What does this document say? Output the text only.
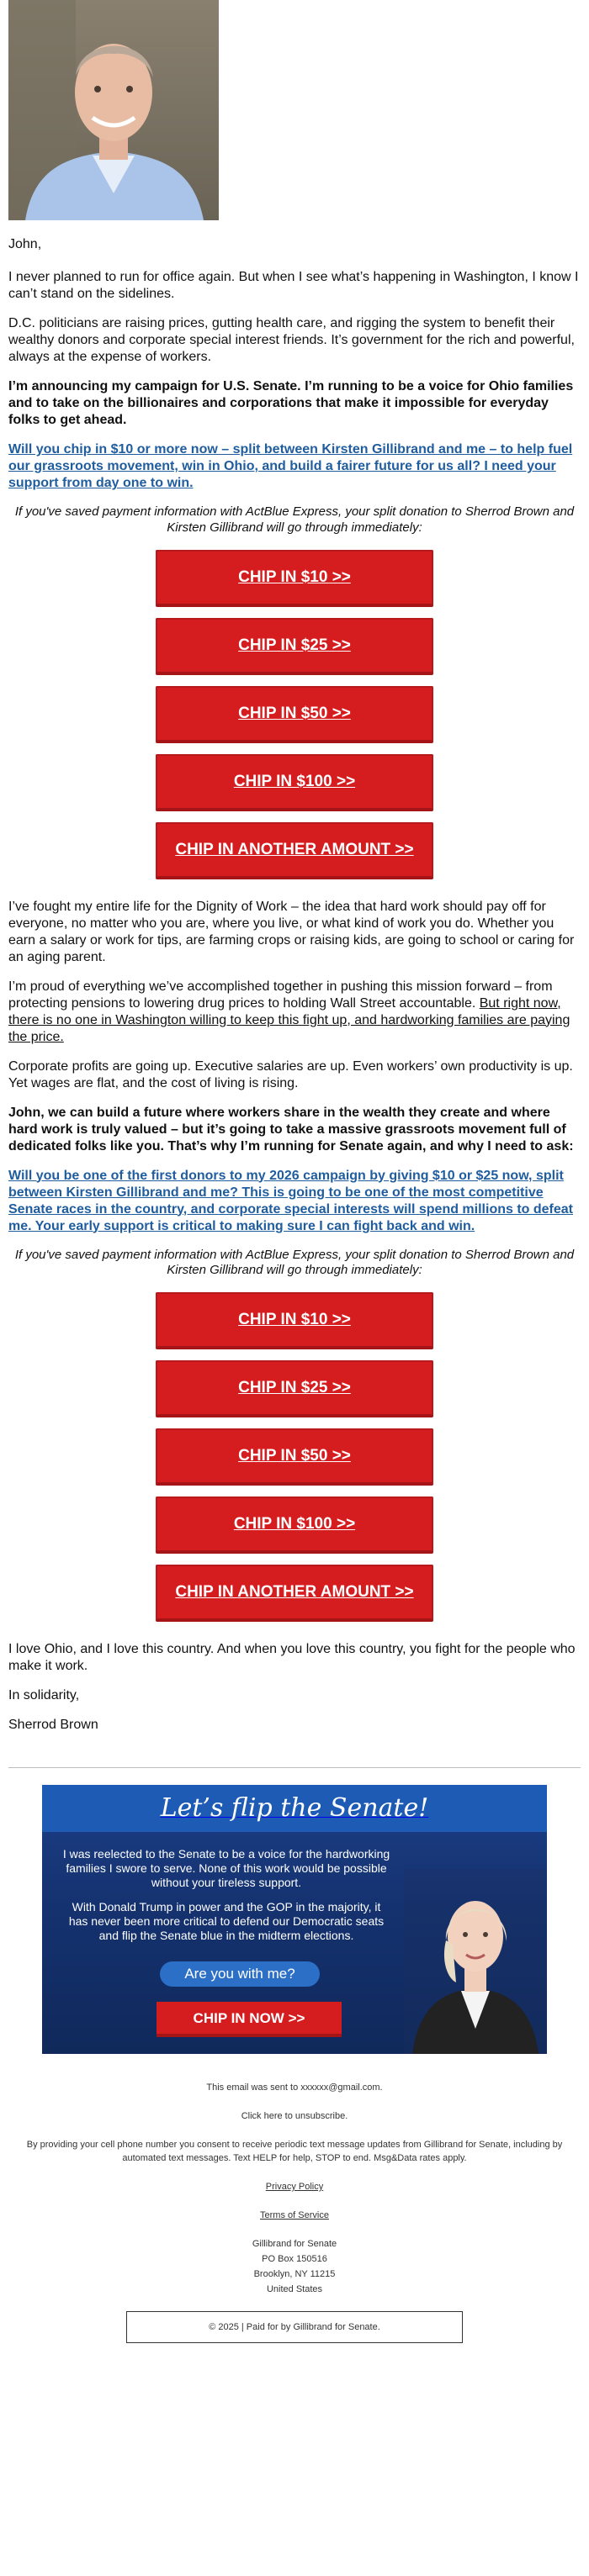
John,

I never planned to run for office again. But when I see what’s happening in Washington, I know I can’t stand on the sidelines.

D.C. politicians are raising prices, gutting health care, and rigging the system to benefit their wealthy donors and corporate special interest friends. It’s government for the rich and powerful, always at the expense of workers.

I’m announcing my campaign for U.S. Senate. I’m running to be a voice for Ohio families and to take on the billionaires and corporations that make it impossible for everyday folks to get ahead.

Will you chip in $10 or more now – split between Kirsten Gillibrand and me – to help fuel our grassroots movement, win in Ohio, and build a fairer future for us all? I need your support from day one to win.

If you've saved payment information with ActBlue Express, your split donation to Sherrod Brown and Kirsten Gillibrand will go through immediately:

CHIP IN $10 >>
CHIP IN $25 >>
CHIP IN $50 >>
CHIP IN $100 >>
CHIP IN ANOTHER AMOUNT >>

I’ve fought my entire life for the Dignity of Work – the idea that hard work should pay off for everyone, no matter who you are, where you live, or what kind of work you do. Whether you earn a salary or work for tips, are farming crops or raising kids, are going to school or caring for an aging parent.

I’m proud of everything we’ve accomplished together in pushing this mission forward – from protecting pensions to lowering drug prices to holding Wall Street accountable. But right now, there is no one in Washington willing to keep this fight up, and hardworking families are paying the price.

Corporate profits are going up. Executive salaries are up. Even workers’ own productivity is up. Yet wages are flat, and the cost of living is rising.

John, we can build a future where workers share in the wealth they create and where hard work is truly valued – but it’s going to take a massive grassroots movement full of dedicated folks like you. That’s why I’m running for Senate again, and why I need to ask:

Will you be one of the first donors to my 2026 campaign by giving $10 or $25 now, split between Kirsten Gillibrand and me? This is going to be one of the most competitive Senate races in the country, and corporate special interests will spend millions to defeat me. Your early support is critical to making sure I can fight back and win.

If you've saved payment information with ActBlue Express, your split donation to Sherrod Brown and Kirsten Gillibrand will go through immediately:

CHIP IN $10 >>
CHIP IN $25 >>
CHIP IN $50 >>
CHIP IN $100 >>
CHIP IN ANOTHER AMOUNT >>

I love Ohio, and I love this country. And when you love this country, you fight for the people who make it work.

In solidarity,

Sherrod Brown

Let’s flip the Senate!

I was reelected to the Senate to be a voice for the hardworking families I swore to serve. None of this work would be possible without your tireless support.

With Donald Trump in power and the GOP in the majority, it has never been more critical to defend our Democratic seats and flip the Senate blue in the midterm elections.

Are you with me?
CHIP IN NOW >>

This email was sent to xxxxxx@gmail.com.

Click here to unsubscribe.

By providing your cell phone number you consent to receive periodic text message updates from Gillibrand for Senate, including by automated text messages. Text HELP for help, STOP to end. Msg&Data rates apply.

Privacy Policy

Terms of Service

Gillibrand for Senate

PO Box 150516

Brooklyn, NY 11215

United States

© 2025 | Paid for by Gillibrand for Senate.
